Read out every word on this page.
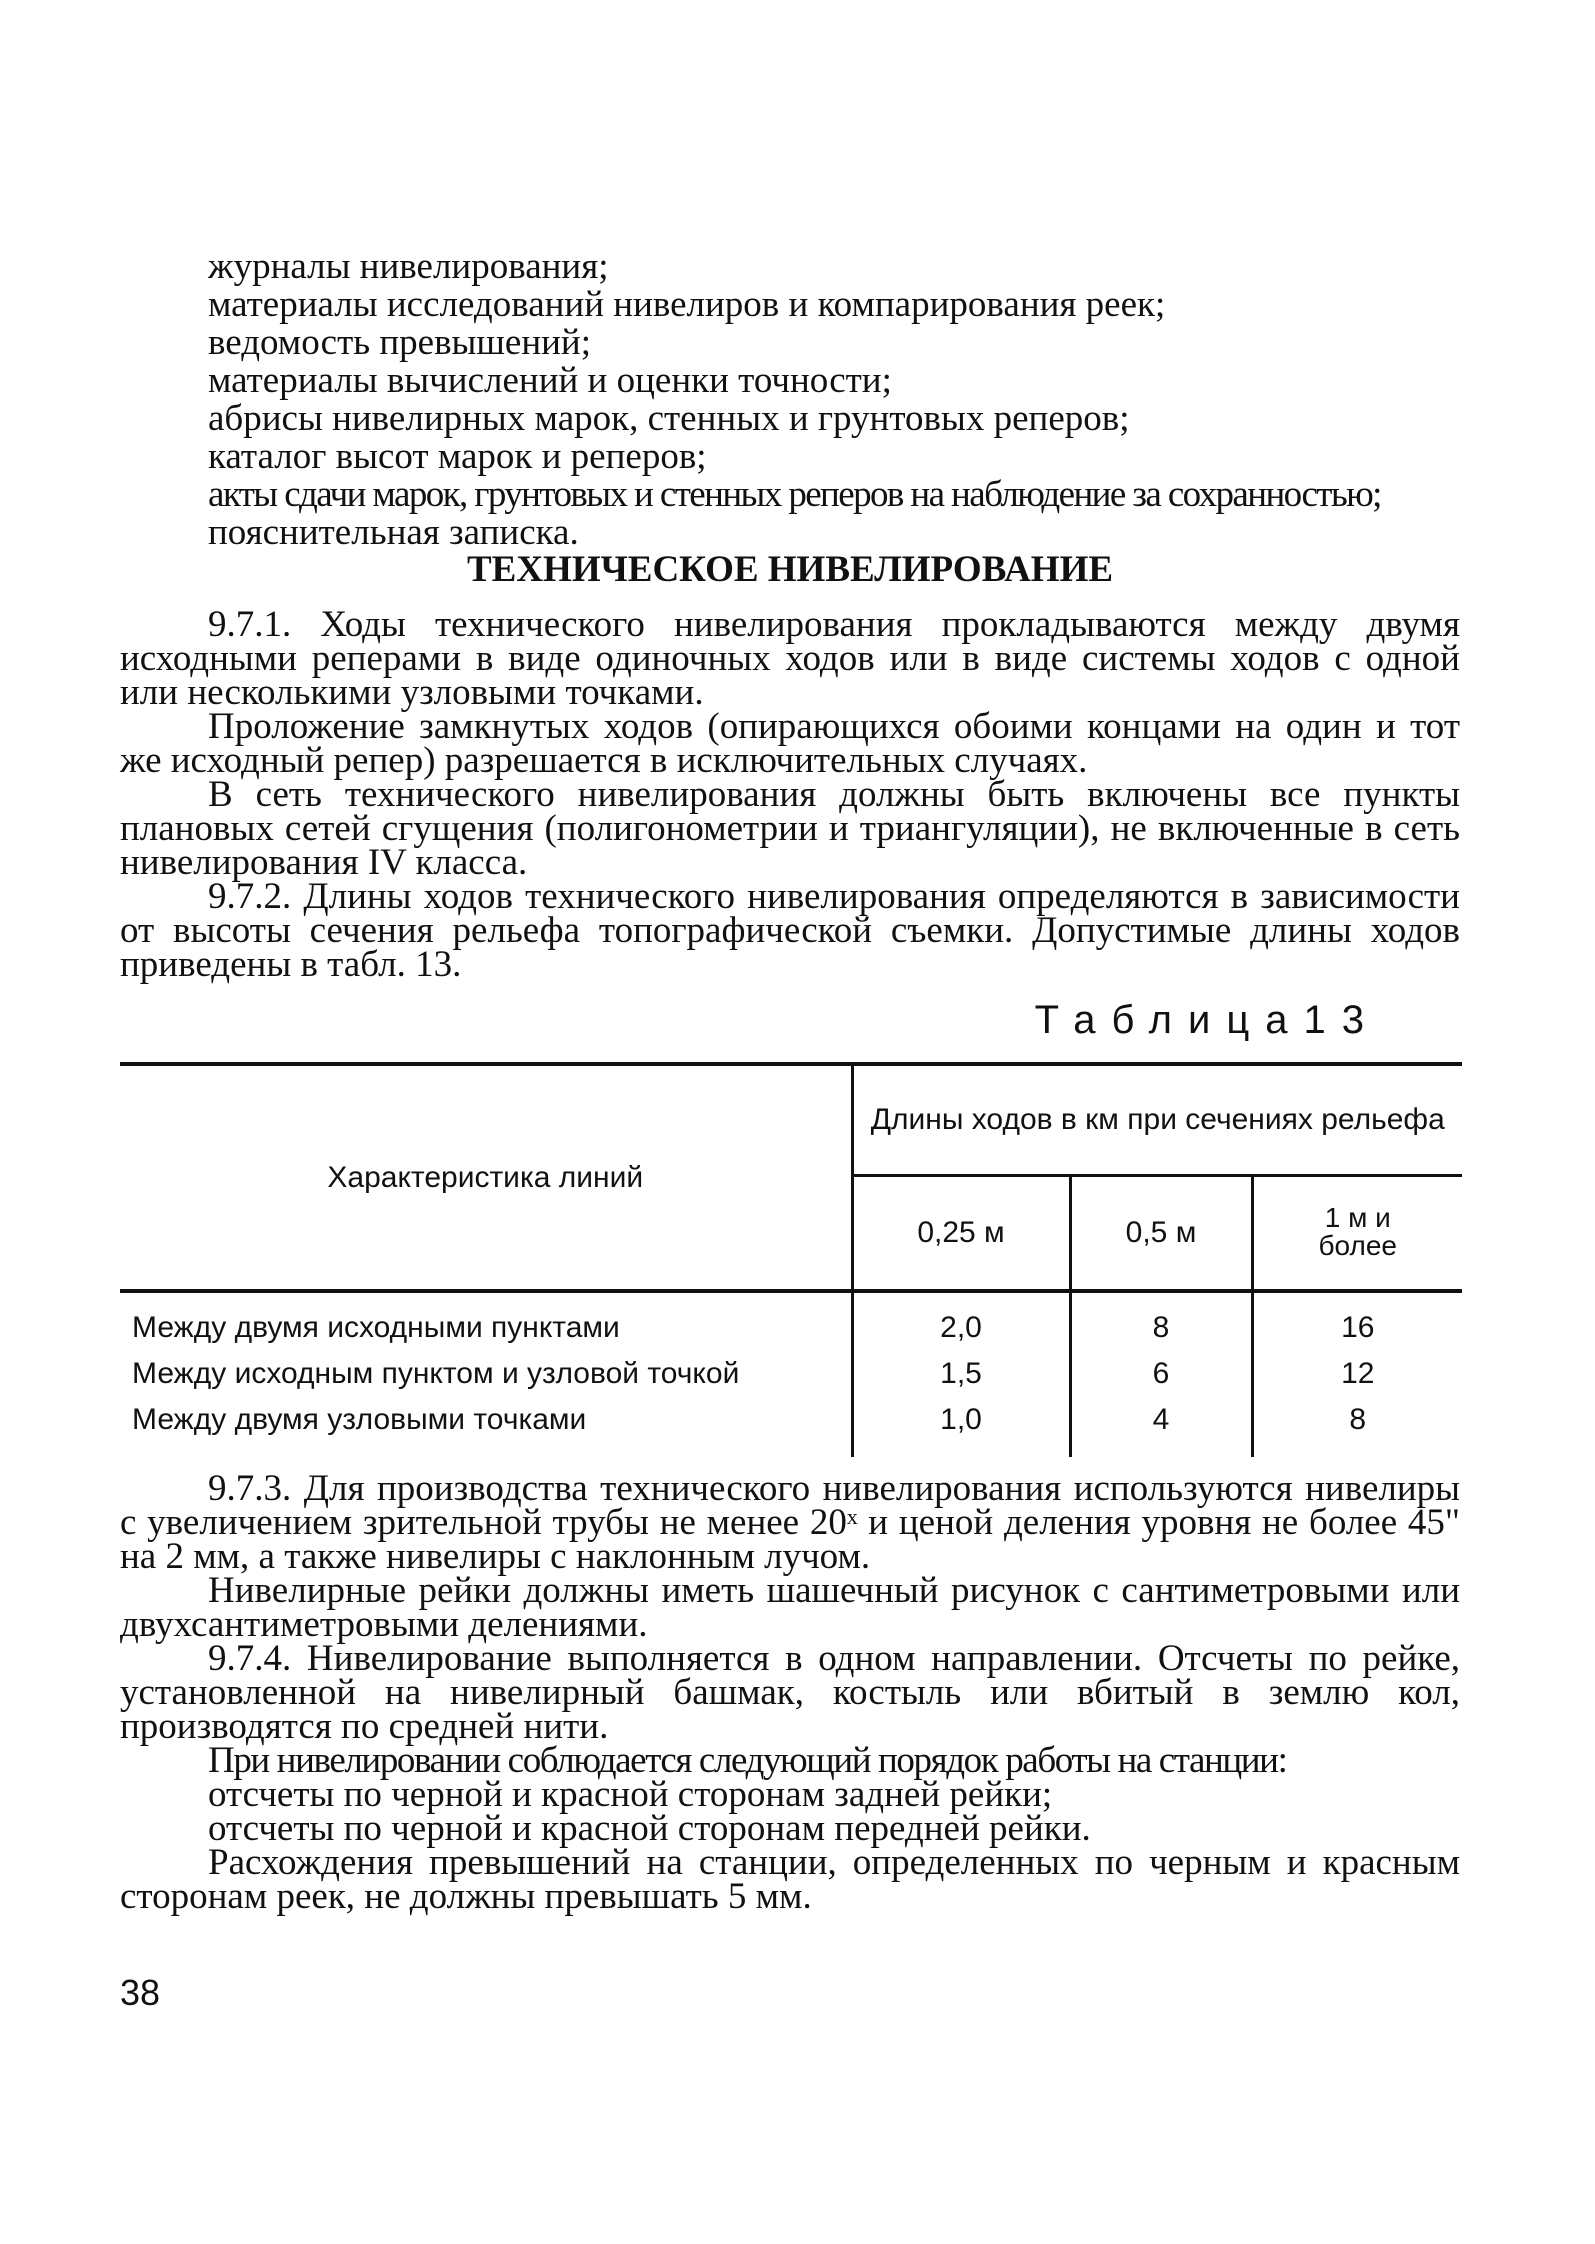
журналы нивелирования;
материалы исследований нивелиров и компарирования реек;
ведомость превышений;
материалы вычислений и оценки точности;
абрисы нивелирных марок, стенных и грунтовых реперов;
каталог высот марок и реперов;
акты сдачи марок, грунтовых и стенных реперов на наблюдение за сохранностью;
пояснительная записка.
ТЕХНИЧЕСКОЕ НИВЕЛИРОВАНИЕ

9.7.1. Ходы технического нивелирования прокладываются между двумя исходными реперами в виде одиночных ходов или в виде системы ходов с одной или несколькими узловыми точками.

Проложение замкнутых ходов (опирающихся обоими концами на один и тот же исходный репер) разрешается в исключительных случаях.

В сеть технического нивелирования должны быть включены все пункты плановых сетей сгущения (полигонометрии и триангуляции), не включенные в сеть нивелирования IV класса.

9.7.2. Длины ходов технического нивелирования определяются в зависимости от высоты сечения рельефа топографической съемки. Допустимые длины ходов приведены в табл. 13.

Таблица13
Характеристика линий	Длины ходов в км при сечениях рельефа		
	0,25 м	0,5 м	1 м и более
Между двумя исходными пунктами	2,0	8	16
Между исходным пунктом и узловой точкой	1,5	6	12
Между двумя узловыми точками	1,0	4	8

9.7.3. Для производства технического нивелирования используются нивелиры с увеличением зрительной трубы не менее 20ˣ и ценой деления уровня не более 45" на 2 мм, а также нивелиры с наклонным лучом.

Нивелирные рейки должны иметь шашечный рисунок с сантиметровыми или двухсантиметровыми делениями.

9.7.4. Нивелирование выполняется в одном направлении. Отсчеты по рейке, установленной на нивелирный башмак, костыль или вбитый в землю кол, производятся по средней нити.

При нивелировании соблюдается следующий порядок работы на станции:

отсчеты по черной и красной сторонам задней рейки;

отсчеты по черной и красной сторонам передней рейки.

Расхождения превышений на станции, определенных по черным и красным сторонам реек, не должны превышать 5 мм.

38
